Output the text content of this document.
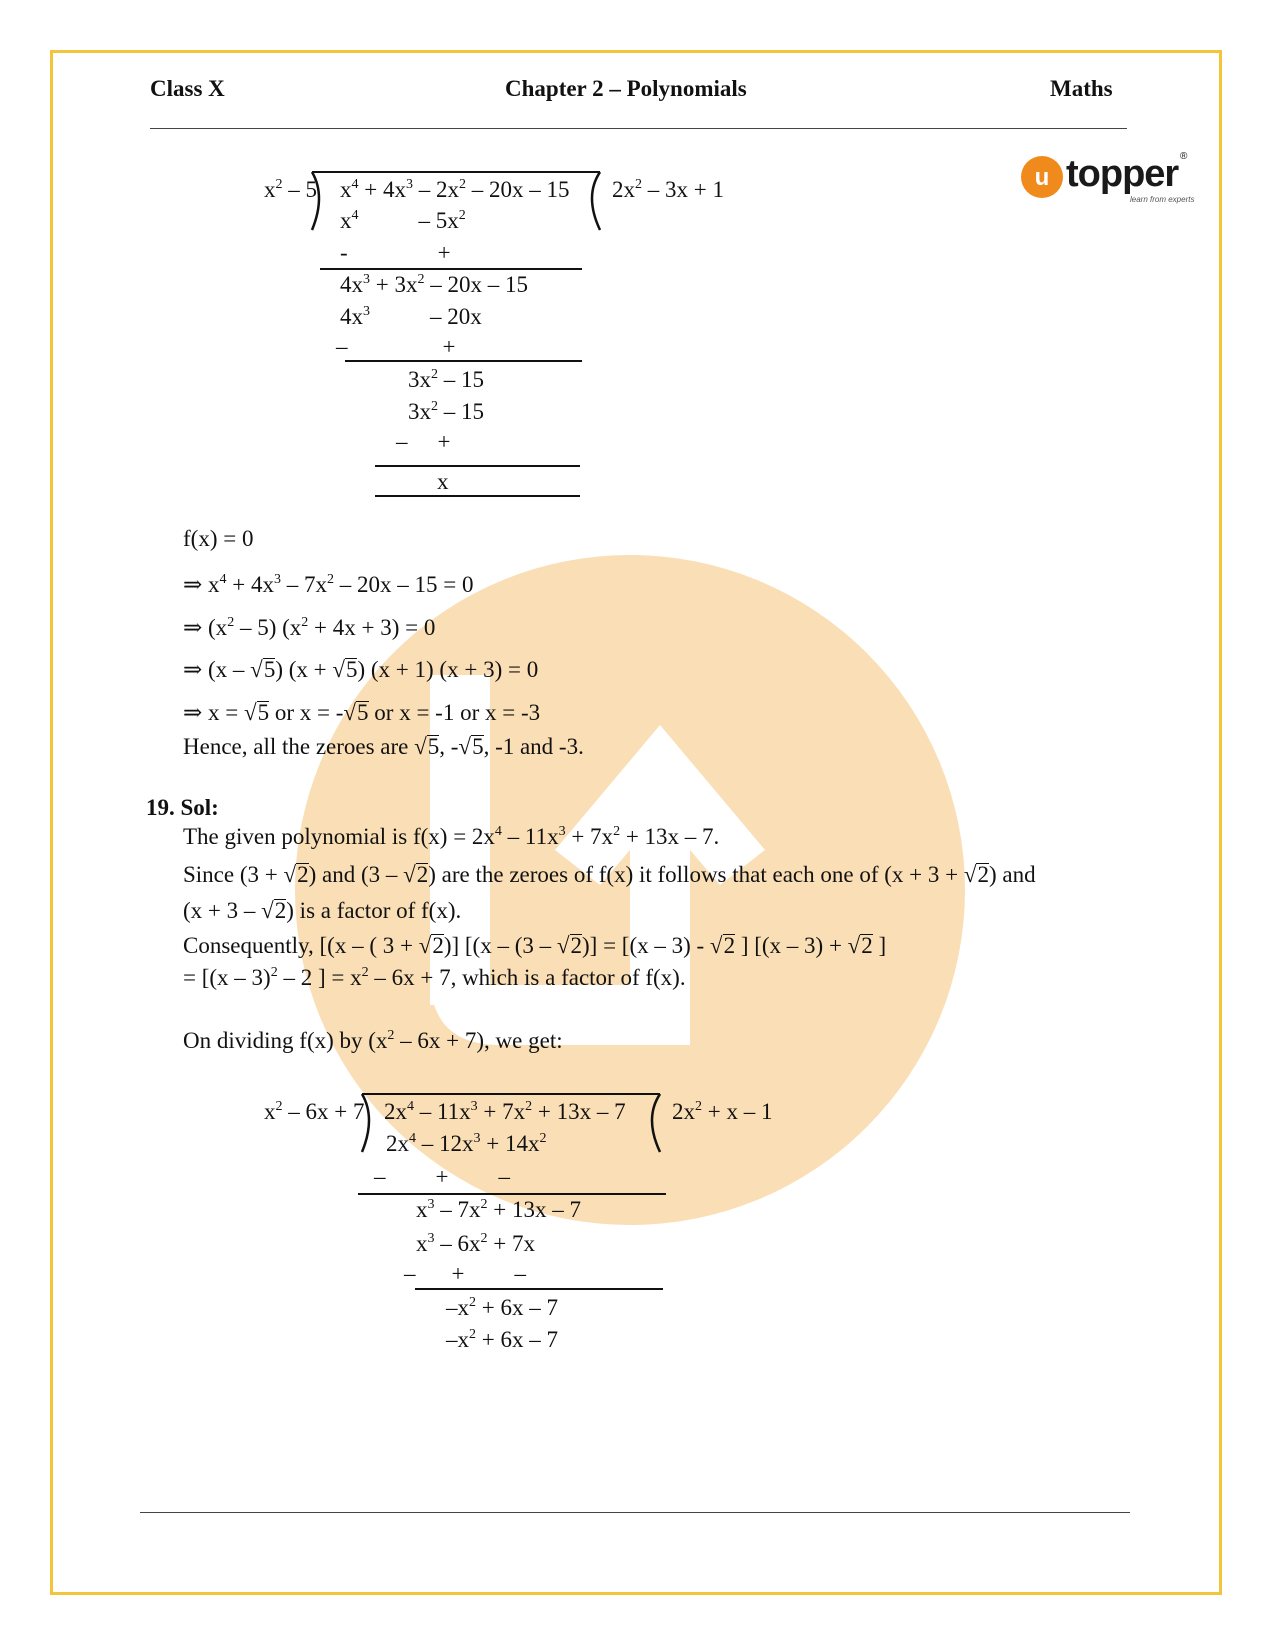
Class X	Chapter 2 – Polynomials	Maths
u topper
learn from experts
®
$x^2 - 5$ $x^4 + 4x^3 - 2x^2 - 20x - 15$ $2x^2 - 3x + 1$
$x^4$	– $5x^2$
-	+
$4x^3 + 3x^2 - 20x - 15$
$4x^3$	– 20x
–	+
$3x^2 - 15$
$3x^2 - 15$
– +
x
f(x) = 0
⇒ $x^4 + 4x^3 - 7x^2 - 20x - 15 = 0$
⇒ $(x^2 - 5) (x^2 + 4x + 3) = 0$
⇒ (x – √5) (x + √5) (x + 1) (x + 3) = 0
⇒ x = √5 or x = -√5 or x = -1 or x = -3
Hence, all the zeroes are √5, -√5, -1 and -3.
19. Sol:
The given polynomial is $f(x) = 2x^4 - 11x^3 + 7x^2 + 13x - 7$.
Since (3 + √2) and (3 – √2) are the zeroes of f(x) it follows that each one of (x + 3 + √2) and
(x + 3 – √2) is a factor of f(x).
Consequently, [(x – ( 3 + √2)] [(x – (3 – √2)] = [(x – 3) - √2 ] [(x – 3) + √2 ]
= [(x – 3)$^2$ – 2 ] = $x^2 - 6x + 7$, which is a factor of f(x).
On dividing f(x) by $(x^2 - 6x + 7)$, we get:
$x^2 - 6x + 7$ $2x^4 - 11x^3 + 7x^2 + 13x - 7$ $2x^2 + x - 1$
$2x^4 - 12x^3 + 14x^2$
– + –
$x^3 - 7x^2 + 13x - 7$
$x^3 - 6x^2 + 7x$
– + –
$-x^2 + 6x - 7$
$-x^2 + 6x - 7$
